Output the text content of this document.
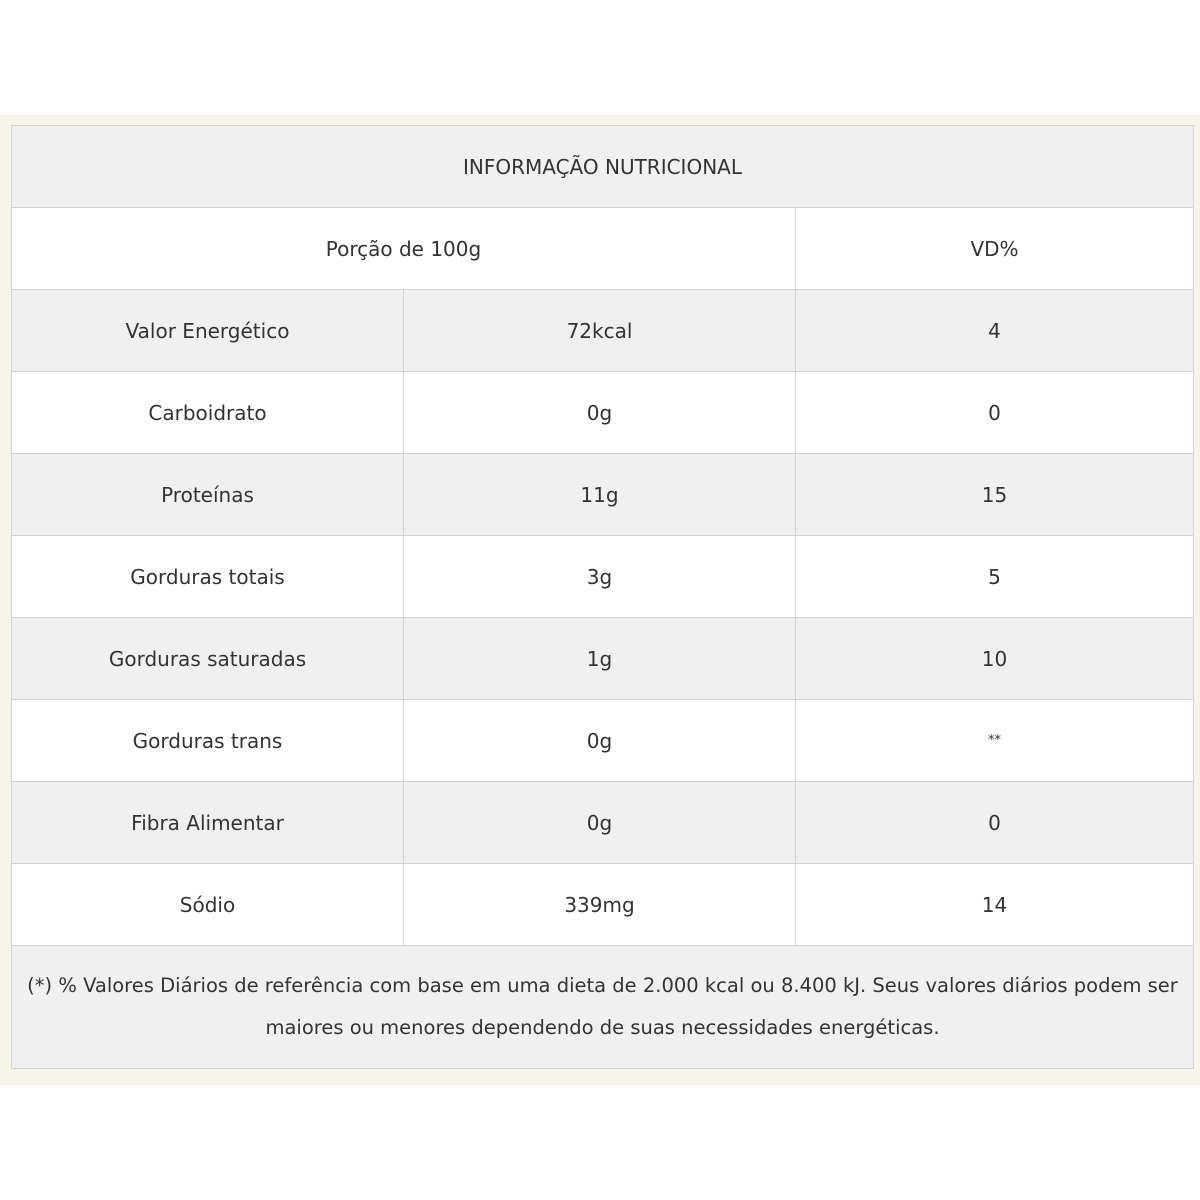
INFORMAÇÃO NUTRICIONAL		
Porção de 100g		VD%
Valor Energético	72kcal	4
Carboidrato	0g	0
Proteínas	11g	15
Gorduras totais	3g	5
Gorduras saturadas	1g	10
Gorduras trans	0g	**
Fibra Alimentar	0g	0
Sódio	339mg	14
(*) % Valores Diários de referência com base em uma dieta de 2.000 kcal ou 8.400 kJ. Seus valores diários podem ser maiores ou menores dependendo de suas necessidades energéticas.		
